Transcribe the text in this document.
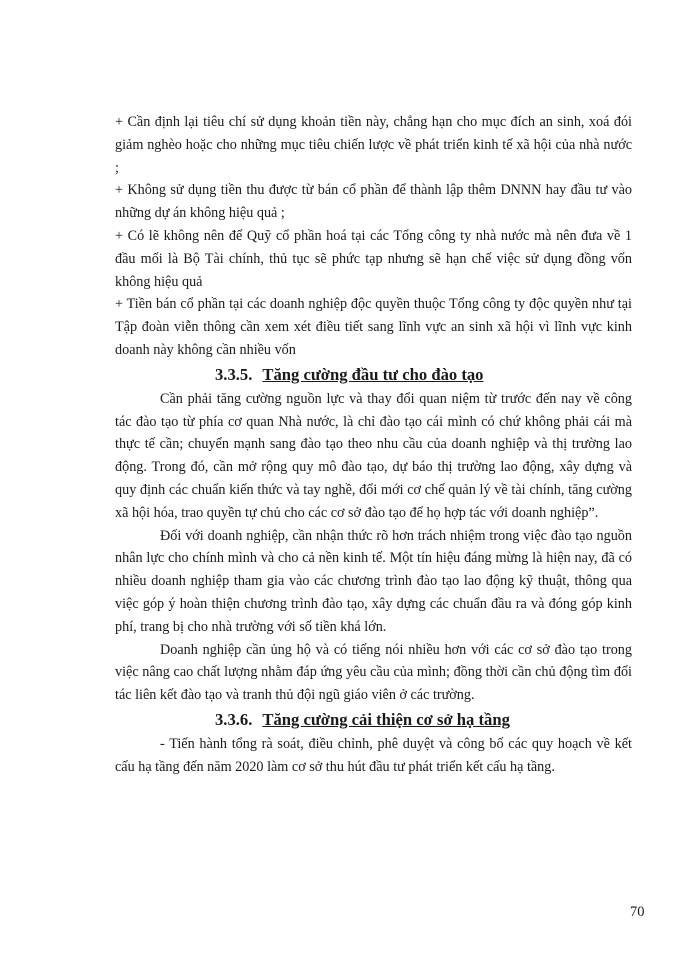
+ Cần định lại tiêu chí sử dụng khoản tiền này, chẳng hạn cho mục đích an sinh, xoá đói giảm nghèo hoặc cho những mục tiêu chiến lược về phát triển kinh tế xã hội của nhà nước ;

+ Không sử dụng tiền thu được từ bán cổ phần để thành lập thêm DNNN hay đầu tư vào những dự án không hiệu quả ;

+ Có lẽ không nên để Quỹ cổ phần hoá tại các Tổng công ty nhà nước mà nên đưa về 1 đầu mối là Bộ Tài chính, thủ tục sẽ phức tạp nhưng sẽ hạn chế việc sử dụng đồng vốn không hiệu quả

+ Tiền bán cổ phần tại các doanh nghiệp độc quyền thuộc Tổng công ty độc quyền như tại Tập đoàn viễn thông cần xem xét điều tiết sang lĩnh vực an sinh xã hội vì lĩnh vực kinh doanh này không cần nhiều vốn

3.3.5. Tăng cường đầu tư cho đào tạo

Cần phải tăng cường nguồn lực và thay đổi quan niệm từ trước đến nay về công tác đào tạo từ phía cơ quan Nhà nước, là chỉ đào tạo cái mình có chứ không phải cái mà thực tế cần; chuyển mạnh sang đào tạo theo nhu cầu của doanh nghiệp và thị trường lao động. Trong đó, cần mở rộng quy mô đào tạo, dự báo thị trường lao động, xây dựng và quy định các chuẩn kiến thức và tay nghề, đổi mới cơ chế quản lý về tài chính, tăng cường xã hội hóa, trao quyền tự chủ cho các cơ sở đào tạo để họ hợp tác với doanh nghiệp”.

Đối với doanh nghiệp, cần nhận thức rõ hơn trách nhiệm trong việc đào tạo nguồn nhân lực cho chính mình và cho cả nền kinh tế. Một tín hiệu đáng mừng là hiện nay, đã có nhiều doanh nghiệp tham gia vào các chương trình đào tạo lao động kỹ thuật, thông qua việc góp ý hoàn thiện chương trình đào tạo, xây dựng các chuẩn đầu ra và đóng góp kinh phí, trang bị cho nhà trường với số tiền khá lớn.

Doanh nghiệp cần ủng hộ và có tiếng nói nhiều hơn với các cơ sở đào tạo trong việc nâng cao chất lượng nhằm đáp ứng yêu cầu của mình; đồng thời cần chủ động tìm đối tác liên kết đào tạo và tranh thủ đội ngũ giáo viên ở các trường.

3.3.6. Tăng cường cải thiện cơ sở hạ tầng

- Tiến hành tổng rà soát, điều chỉnh, phê duyệt và công bố các quy hoạch về kết cấu hạ tầng đến năm 2020 làm cơ sở thu hút đầu tư phát triển kết cấu hạ tầng.

70
